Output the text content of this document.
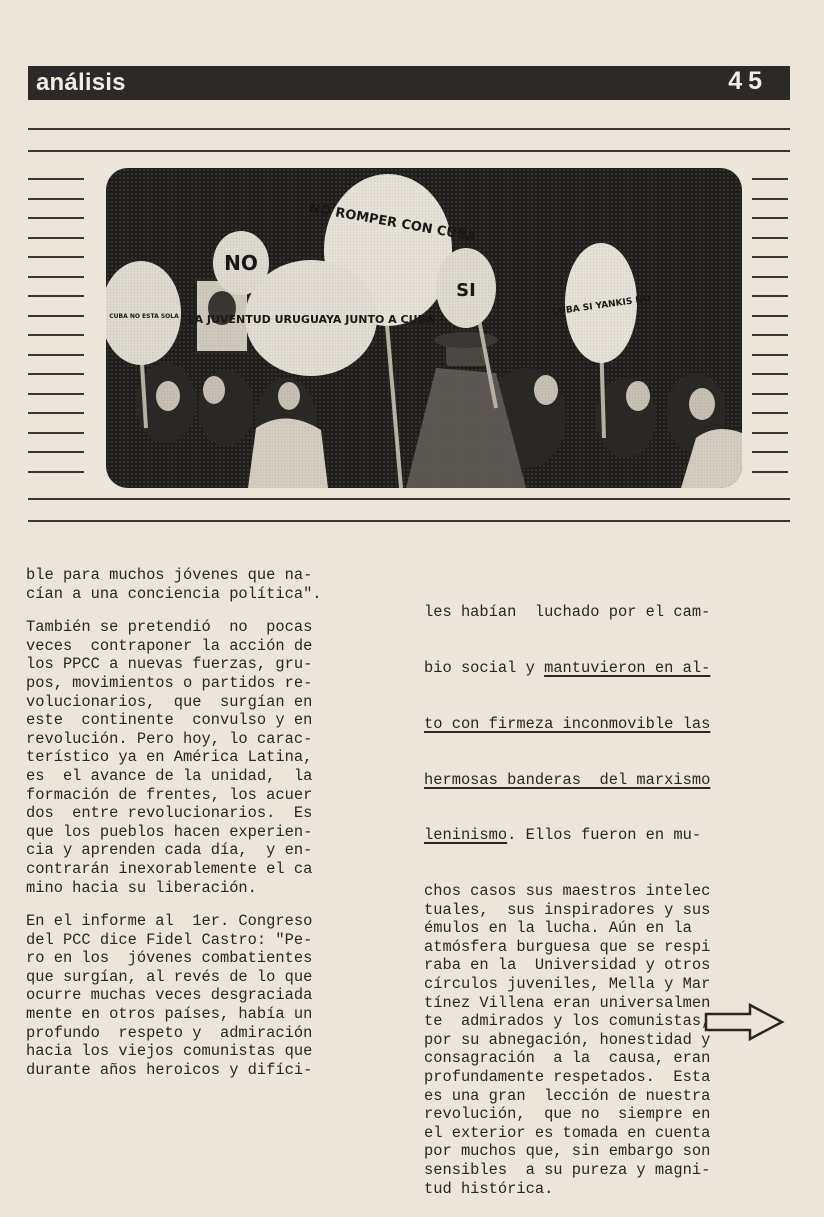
análisis	45
NO ROMPER CON CUBA
LA JUVENTUD URUGUAYA JUNTO A CUBA
CUBA SI YANKIS NO
CUBA NO ESTA SOLA
NO
SI
ble para muchos jóvenes que na-
cían a una conciencia política".
También se pretendió  no  pocas
veces  contraponer la acción de
los PPCC a nuevas fuerzas, gru-
pos, movimientos o partidos re-
volucionarios,  que  surgían en
este  continente  convulso y en
revolución. Pero hoy, lo carac-
terístico ya en América Latina,
es  el avance de la unidad,  la
formación de frentes, los acuer
dos  entre revolucionarios.  Es
que los pueblos hacen experien-
cia y aprenden cada día,  y en-
contrarán inexorablemente el ca
mino hacia su liberación.
En el informe al  1er. Congreso
del PCC dice Fidel Castro: "Pe-
ro en los  jóvenes combatientes
que surgían, al revés de lo que
ocurre muchas veces desgraciada
mente en otros países, había un
profundo  respeto y  admiración
hacia los viejos comunistas que
durante años heroicos y difíci-

les habían  luchado por el cam-

bio social y mantuvieron en al-

to con firmeza inconmovible las

hermosas banderas  del marxismo

leninismo. Ellos fueron en mu-

chos casos sus maestros intelec
tuales,  sus inspiradores y sus
émulos en la lucha. Aún en la
atmósfera burguesa que se respi
raba en la  Universidad y otros
círculos juveniles, Mella y Mar
tínez Villena eran universalmen
te  admirados y los comunistas,
por su abnegación, honestidad y
consagración  a la  causa, eran
profundamente respetados.  Esta
es una gran  lección de nuestra
revolución,  que no  siempre en
el exterior es tomada en cuenta
por muchos que, sin embargo son
sensibles  a su pureza y magni-
tud histórica.
